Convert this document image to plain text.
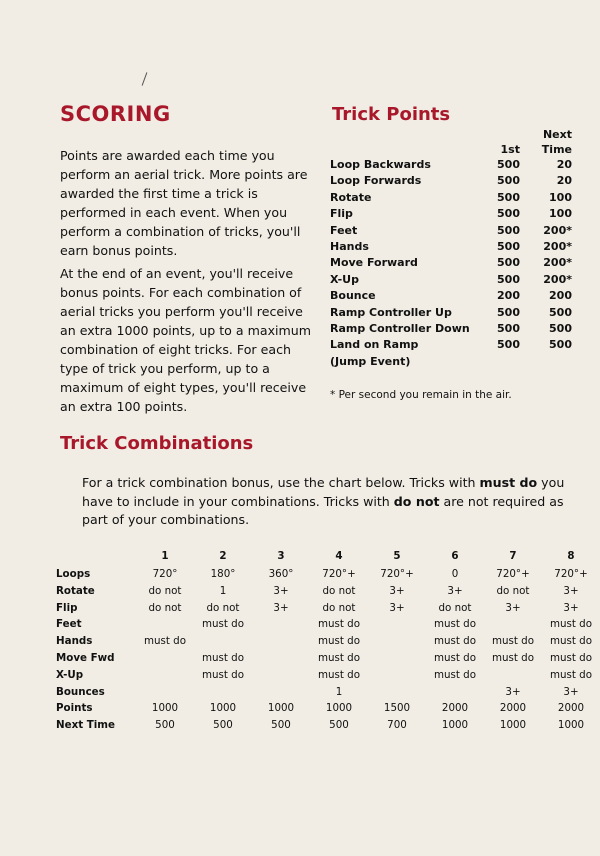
SCORING

Points are awarded each time you perform an aerial trick. More points are awarded the first time a trick is performed in each event. When you perform a combination of tricks, you'll earn bonus points.

At the end of an event, you'll receive bonus points. For each combination of aerial tricks you perform you'll receive an extra 1000 points, up to a maximum combination of eight tricks. For each type of trick you perform, up to a maximum of eight types, you'll receive an extra 100 points.

Trick Points
		Next
	1st	Time
Loop Backwards	500	20
Loop Forwards	500	20
Rotate	500	100
Flip	500	100
Feet	500	200*
Hands	500	200*
Move Forward	500	200*
X-Up	500	200*
Bounce	200	200
Ramp Controller Up	500	500
Ramp Controller Down	500	500
Land on Ramp	500	500
(Jump Event)		
* Per second you remain in the air.
Trick Combinations

For a trick combination bonus, use the chart below. Tricks with must do you have to include in your combinations. Tricks with do not are not required as part of your combinations.

	1	2	3	4	5	6	7	8
Loops	720°	180°	360°	720°+	720°+	0	720°+	720°+
Rotate	do not	1	3+	do not	3+	3+	do not	3+
Flip	do not	do not	3+	do not	3+	do not	3+	3+
Feet		must do		must do		must do		must do
Hands	must do			must do		must do	must do	must do
Move Fwd		must do		must do		must do	must do	must do
X-Up		must do		must do		must do		must do
Bounces				1			3+	3+
Points	1000	1000	1000	1000	1500	2000	2000	2000
Next Time	500	500	500	500	700	1000	1000	1000
